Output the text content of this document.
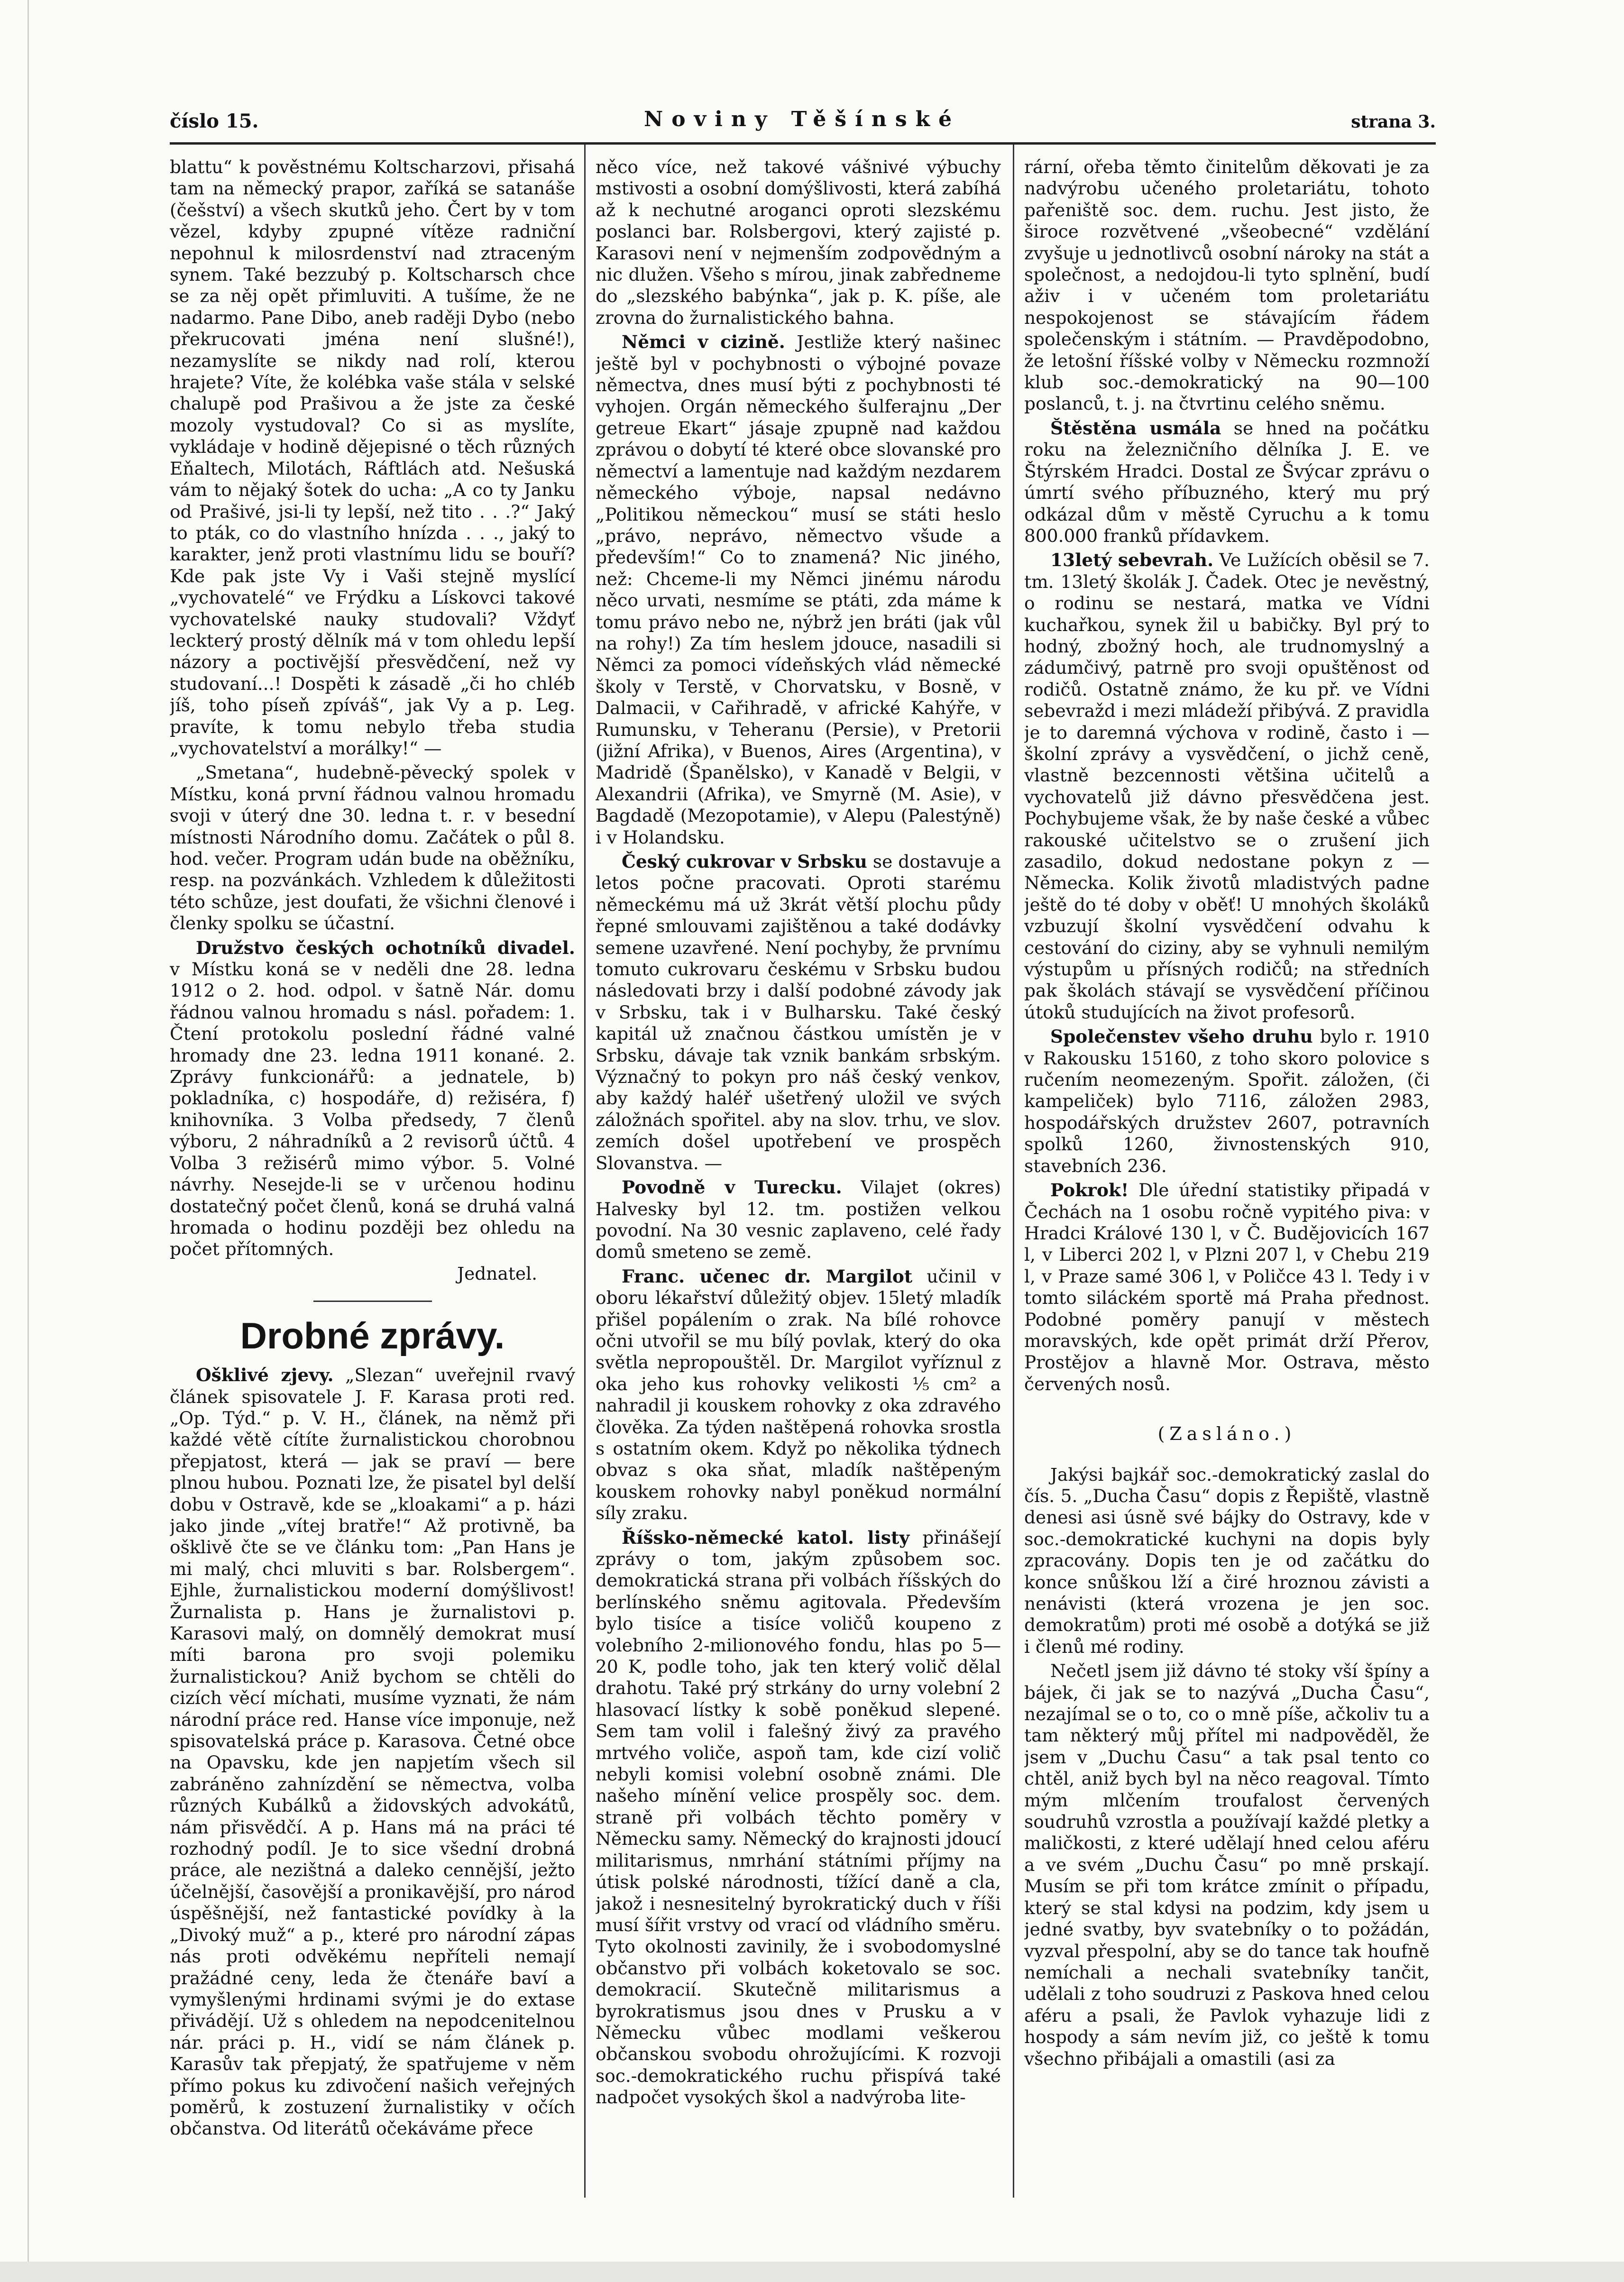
číslo 15.	Noviny Těšínské	strana 3.

blattu“ k pověstnému Koltscharzovi, přisahá tam na německý prapor, zaříká se satanáše (češství) a všech skutků jeho. Čert by v tom vězel, kdyby zpupné vítěze radniční nepohnul k milosrdenství nad ztraceným synem. Také bezzubý p. Koltscharsch chce se za něj opět přimluviti. A tušíme, že ne nadarmo. Pane Dibo, aneb raději Dybo (nebo překrucovati jména není slušné!), nezamyslíte se nikdy nad rolí, kterou hrajete? Víte, že kolébka vaše stála v selské chalupě pod Prašivou a že jste za české mozoly vystudoval? Co si as myslíte, vykládaje v hodině dějepisné o těch různých Eňaltech, Milotách, Ráftlách atd. Nešuská vám to nějaký šotek do ucha: „A co ty Janku od Prašivé, jsi-li ty lepší, než tito . . .?“ Jaký to pták, co do vlastního hnízda . . ., jaký to karakter, jenž proti vlastnímu lidu se bouří? Kde pak jste Vy i Vaši stejně myslící „vychovatelé“ ve Frýdku a Lískovci takové vychovatelské nauky studovali? Vždyť leckterý prostý dělník má v tom ohledu lepší názory a poctivější přesvědčení, než vy studovaní...! Dospěti k zásadě „či ho chléb jíš, toho píseň zpíváš“, jak Vy a p. Leg. pravíte, k tomu nebylo třeba studia „vychovatelství a morálky!“ —

„Smetana“, hudebně-pěvecký spolek v Místku, koná první řádnou valnou hromadu svoji v úterý dne 30. ledna t. r. v besední místnosti Národního domu. Začátek o půl 8. hod. večer. Program udán bude na oběžníku, resp. na pozvánkách. Vzhledem k důležitosti této schůze, jest doufati, že všichni členové i členky spolku se účastní.

Družstvo českých ochotníků divadel. v Místku koná se v neděli dne 28. ledna 1912 o 2. hod. odpol. v šatně Nár. domu řádnou valnou hromadu s násl. pořadem: 1. Čtení protokolu poslední řádné valné hromady dne 23. ledna 1911 konané. 2. Zprávy funkcionářů: a jednatele, b) pokladníka, c) hospodáře, d) režiséra, f) knihovníka. 3 Volba předsedy, 7 členů výboru, 2 náhradníků a 2 revisorů účtů. 4 Volba 3 režisérů mimo výbor. 5. Volné návrhy. Nesejde-li se v určenou hodinu dostatečný počet členů, koná se druhá valná hromada o hodinu později bez ohledu na počet přítomných.

Jednatel.

Drobné zprávy.

Ošklivé zjevy. „Slezan“ uveřejnil rvavý článek spisovatele J. F. Karasa proti red. „Op. Týd.“ p. V. H., článek, na němž při každé větě cítíte žurnalistickou chorobnou přepjatost, která — jak se praví — bere plnou hubou. Poznati lze, že pisatel byl delší dobu v Ostravě, kde se „kloakami“ a p. házi jako jinde „vítej bratře!“ Až protivně, ba ošklivě čte se ve článku tom: „Pan Hans je mi malý, chci mluviti s bar. Rolsbergem“. Ejhle, žurnalistickou moderní domýšlivost! Žurnalista p. Hans je žurnalistovi p. Karasovi malý, on domnělý demokrat musí míti barona pro svoji polemiku žurnalistickou? Aniž bychom se chtěli do cizích věcí míchati, musíme vyznati, že nám národní práce red. Hanse více imponuje, než spisovatelská práce p. Karasova. Četné obce na Opavsku, kde jen napjetím všech sil zabráněno zahnízdění se němectva, volba různých Kubálků a židovských advokátů, nám přisvědčí. A p. Hans má na práci té rozhodný podíl. Je to sice všední drobná práce, ale nezištná a daleko cennější, ježto účelnější, časovější a pronikavější, pro národ úspěšnější, než fantastické povídky à la „Divoký muž“ a p., které pro národní zápas nás proti odvěkému nepříteli nemají pražádné ceny, leda že čtenáře baví a vymyšlenými hrdinami svými je do extase přivádějí. Už s ohledem na nepodcenitelnou nár. práci p. H., vidí se nám článek p. Karasův tak přepjatý, že spatřujeme v něm přímo pokus ku zdivočení našich veřejných poměrů, k zostuzení žurnalistiky v očích občanstva. Od literátů očekáváme přece

něco více, než takové vášnivé výbuchy mstivosti a osobní domýšlivosti, která zabíhá až k nechutné aroganci oproti slezskému poslanci bar. Rolsbergovi, který zajisté p. Karasovi není v nejmenším zodpovědným a nic dlužen. Všeho s mírou, jinak zabředneme do „slezského babýnka“, jak p. K. píše, ale zrovna do žurnalistického bahna.

Němci v cizině. Jestliže který našinec ještě byl v pochybnosti o výbojné povaze němectva, dnes musí býti z pochybnosti té vyhojen. Orgán německého šulferajnu „Der getreue Ekart“ jásaje zpupně nad každou zprávou o dobytí té které obce slovanské pro němectví a lamentuje nad každým nezdarem německého výboje, napsal nedávno „Politikou německou“ musí se státi heslo „právo, neprávo, němectvo všude a především!“ Co to znamená? Nic jiného, než: Chceme-li my Němci jinému národu něco urvati, nesmíme se ptáti, zda máme k tomu právo nebo ne, nýbrž jen bráti (jak vůl na rohy!) Za tím heslem jdouce, nasadili si Němci za pomoci vídeňských vlád německé školy v Terstě, v Chorvatsku, v Bosně, v Dalmacii, v Cařihradě, v africké Kahýře, v Rumunsku, v Teheranu (Persie), v Pretorii (jižní Afrika), v Buenos, Aires (Argentina), v Madridě (Španělsko), v Kanadě v Belgii, v Alexandrii (Afrika), ve Smyrně (M. Asie), v Bagdadě (Mezopotamie), v Alepu (Palestýně) i v Holandsku.

Český cukrovar v Srbsku se dostavuje a letos počne pracovati. Oproti starému německému má už 3krát větší plochu půdy řepné smlouvami zajištěnou a také dodávky semene uzavřené. Není pochyby, že prvnímu tomuto cukrovaru českému v Srbsku budou následovati brzy i další podobné závody jak v Srbsku, tak i v Bulharsku. Také český kapitál už značnou částkou umístěn je v Srbsku, dávaje tak vznik bankám srbským. Význačný to pokyn pro náš český venkov, aby každý haléř ušetřený uložil ve svých záložnách spořitel. aby na slov. trhu, ve slov. zemích došel upotřebení ve prospěch Slovanstva. —

Povodně v Turecku. Vilajet (okres) Halvesky byl 12. tm. postižen velkou povodní. Na 30 vesnic zaplaveno, celé řady domů smeteno se země.

Franc. učenec dr. Margilot učinil v oboru lékařství důležitý objev. 15letý mladík přišel popálením o zrak. Na bílé rohovce očni utvořil se mu bílý povlak, který do oka světla nepropouštěl. Dr. Margilot vyříznul z oka jeho kus rohovky velikosti ⅕ cm² a nahradil ji kouskem rohovky z oka zdravého člověka. Za týden naštěpená rohovka srostla s ostatním okem. Když po několika týdnech obvaz s oka sňat, mladík naštěpeným kouskem rohovky nabyl poněkud normální síly zraku.

Říšsko-německé katol. listy přinášejí zprávy o tom, jakým způsobem soc. demokratická strana při volbách říšských do berlínského sněmu agitovala. Především bylo tisíce a tisíce voličů koupeno z volebního 2-milionového fondu, hlas po 5—20 K, podle toho, jak ten který volič dělal drahotu. Také prý strkány do urny volební 2 hlasovací lístky k sobě poněkud slepené. Sem tam volil i falešný živý za pravého mrtvého voliče, aspoň tam, kde cizí volič nebyli komisi volební osobně známi. Dle našeho mínění velice prospěly soc. dem. straně při volbách těchto poměry v Německu samy. Německý do krajnosti jdoucí militarismus, nmrhání státními příjmy na útisk polské národnosti, tížící daně a cla, jakož i nesnesitelný byrokratický duch v říši musí šířit vrstvy od vrací od vládního směru. Tyto okolnosti zavinily, že i svobodomyslné občanstvo při volbách koketovalo se soc. demokracií. Skutečně militarismus a byrokratismus jsou dnes v Prusku a v Německu vůbec modlami veškerou občanskou svobodu ohrožujícími. K rozvoji soc.-demokratického ruchu přispívá také nadpočet vysokých škol a nadvýroba lite-

rární, ořeba těmto činitelům děkovati je za nadvýrobu učeného proletariátu, tohoto pařeniště soc. dem. ruchu. Jest jisto, že široce rozvětvené „všeobecné“ vzdělání zvyšuje u jednotlivců osobní nároky na stát a společnost, a nedojdou-li tyto splnění, budí aživ i v učeném tom proletariátu nespokojenost se stávajícím řádem společenským i státním. — Pravděpodobno, že letošní říšské volby v Německu rozmnoží klub soc.-demokratický na 90—100 poslanců, t. j. na čtvrtinu celého sněmu.

Štěstěna usmála se hned na počátku roku na železničního dělníka J. E. ve Štýrském Hradci. Dostal ze Švýcar zprávu o úmrtí svého příbuzného, který mu prý odkázal dům v městě Cyruchu a k tomu 800.000 franků přídavkem.

13letý sebevrah. Ve Lužících oběsil se 7. tm. 13letý školák J. Čadek. Otec je nevěstný, o rodinu se nestará, matka ve Vídni kuchařkou, synek žil u babičky. Byl prý to hodný, zbožný hoch, ale trudnomyslný a zádumčivý, patrně pro svoji opuštěnost od rodičů. Ostatně známo, že ku př. ve Vídni sebevražd i mezi mládeží přibývá. Z pravidla je to daremná výchova v rodině, často i — školní zprávy a vysvědčení, o jichž ceně, vlastně bezcennosti většina učitelů a vychovatelů již dávno přesvědčena jest. Pochybujeme však, že by naše české a vůbec rakouské učitelstvo se o zrušení jich zasadilo, dokud nedostane pokyn z — Německa. Kolik životů mladistvých padne ještě do té doby v oběť! U mnohých školáků vzbuzují školní vysvědčení odvahu k cestování do ciziny, aby se vyhnuli nemilým výstupům u přísných rodičů; na středních pak školách stávají se vysvědčení příčinou útoků studujících na život profesorů.

Společenstev všeho druhu bylo r. 1910 v Rakousku 15160, z toho skoro polovice s ručením neomezeným. Spořit. záložen, (či kampeliček) bylo 7116, záložen 2983, hospodářských družstev 2607, potravních spolků 1260, živnostenských 910, stavebních 236.

Pokrok! Dle úřední statistiky připadá v Čechách na 1 osobu ročně vypitého piva: v Hradci Králové 130 l, v Č. Budějovicích 167 l, v Liberci 202 l, v Plzni 207 l, v Chebu 219 l, v Praze samé 306 l, v Poličce 43 l. Tedy i v tomto siláckém sportě má Praha přednost. Podobné poměry panují v městech moravských, kde opět primát drží Přerov, Prostějov a hlavně Mor. Ostrava, město červených nosů.

(Zasláno.)

Jakýsi bajkář soc.-demokratický zaslal do čís. 5. „Ducha Času“ dopis z Řepiště, vlastně denesi asi úsně své bájky do Ostravy, kde v soc.-demokratické kuchyni na dopis byly zpracovány. Dopis ten je od začátku do konce snůškou lží a čiré hroznou závisti a nenávisti (která vrozena je jen soc. demokratům) proti mé osobě a dotýká se již i členů mé rodiny.

Nečetl jsem již dávno té stoky vší špíny a bájek, či jak se to nazývá „Ducha Času“, nezajímal se o to, co o mně píše, ačkoliv tu a tam některý můj přítel mi nadpověděl, že jsem v „Duchu Času“ a tak psal tento co chtěl, aniž bych byl na něco reagoval. Tímto mým mlčením troufalost červených soudruhů vzrostla a používají každé pletky a maličkosti, z které udělají hned celou aféru a ve svém „Duchu Času“ po mně prskají. Musím se při tom krátce zmínit o případu, který se stal kdysi na podzim, kdy jsem u jedné svatby, byv svatebníky o to požádán, vyzval přespolní, aby se do tance tak houfně nemíchali a nechali svatebníky tančit, udělali z toho soudruzi z Paskova hned celou aféru a psali, že Pavlok vyhazuje lidi z hospody a sám nevím již, co ještě k tomu všechno přibájali a omastili (asi za
